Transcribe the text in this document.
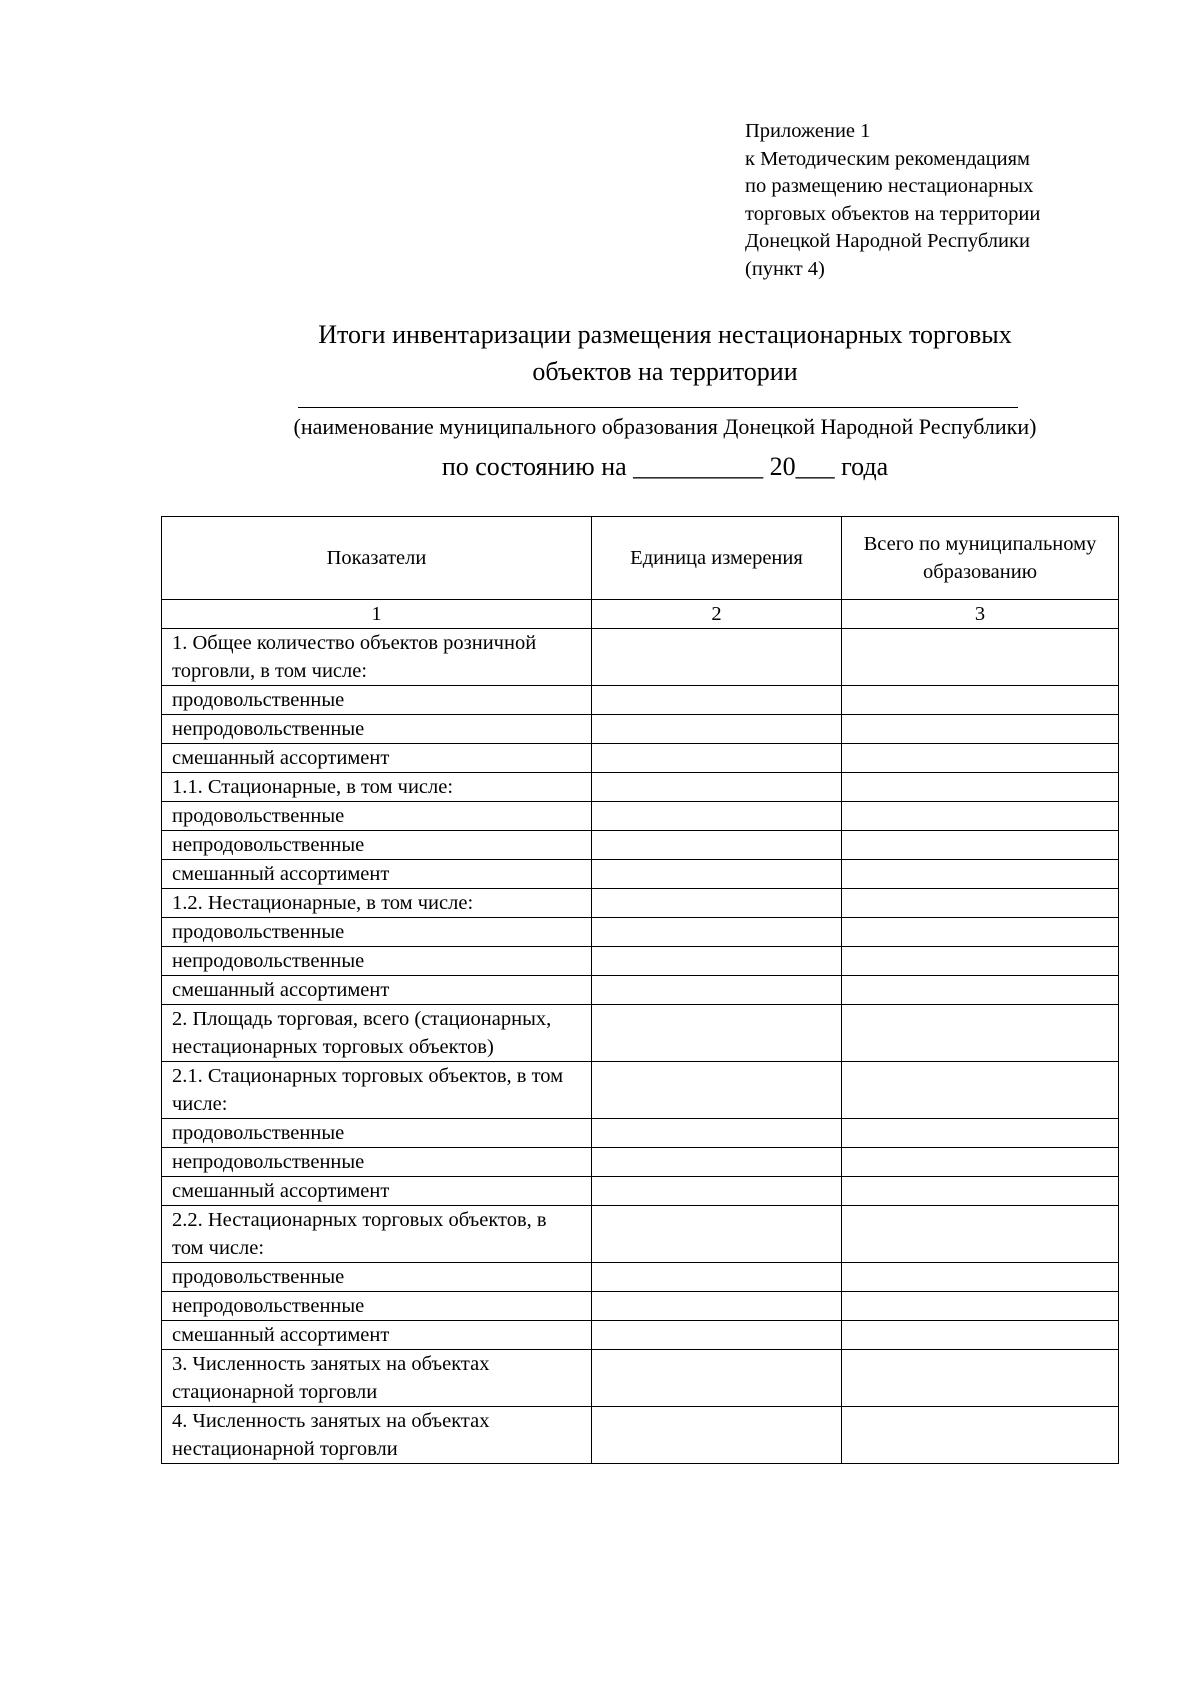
Приложение 1
к Методическим рекомендациям
по размещению нестационарных
торговых объектов на территории
Донецкой Народной Республики
(пункт 4)
Итоги инвентаризации размещения нестационарных торговых
объектов на территории
(наименование муниципального образования Донецкой Народной Республики)
по состоянию на __________ 20___ года
Показатели	Единица измерения	Всего по муниципальному образованию
1	2	3
1. Общее количество объектов розничной торговли, в том числе:		
продовольственные		
непродовольственные		
смешанный ассортимент		
1.1. Стационарные, в том числе:		
продовольственные		
непродовольственные		
смешанный ассортимент		
1.2. Нестационарные, в том числе:		
продовольственные		
непродовольственные		
смешанный ассортимент		
2. Площадь торговая, всего (стационарных, нестационарных торговых объектов)		
2.1. Стационарных торговых объектов, в том числе:		
продовольственные		
непродовольственные		
смешанный ассортимент		
2.2. Нестационарных торговых объектов, в том числе:		
продовольственные		
непродовольственные		
смешанный ассортимент		
3. Численность занятых на объектах стационарной торговли		
4. Численность занятых на объектах нестационарной торговли		
